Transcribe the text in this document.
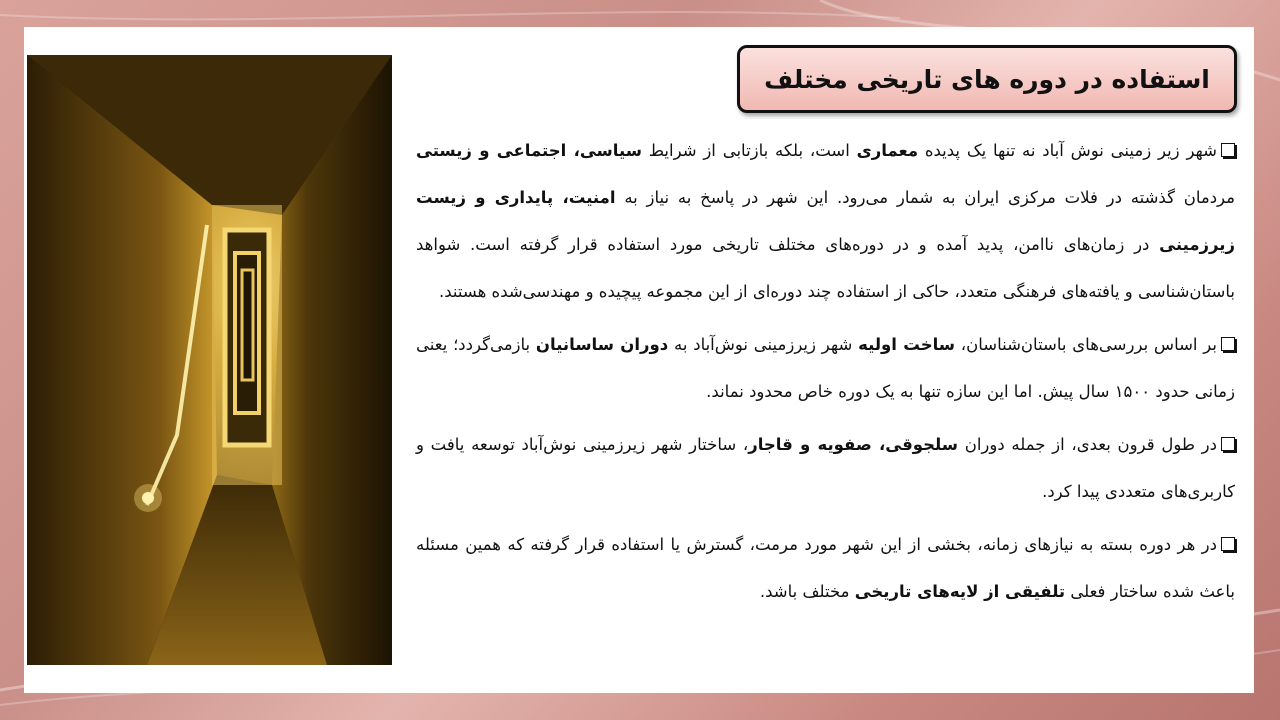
استفاده در دوره های تاریخی مختلف

شهر زیر زمینی نوش آباد نه تنها یک پدیده معماری است، بلکه بازتابی از شرایط سیاسی، اجتماعی و زیستی مردمان گذشته در فلات مرکزی ایران به شمار می‌رود. این شهر در پاسخ به نیاز به امنیت، پایداری و زیست زیرزمینی در زمان‌های ناامن، پدید آمده و در دوره‌های مختلف تاریخی مورد استفاده قرار گرفته است. شواهد باستان‌شناسی و یافته‌های فرهنگی متعدد، حاکی از استفاده چند دوره‌ای از این مجموعه پیچیده و مهندسی‌شده هستند.

بر اساس بررسی‌های باستان‌شناسان، ساخت اولیه شهر زیرزمینی نوش‌آباد به دوران ساسانیان بازمی‌گردد؛ یعنی زمانی حدود ۱۵۰۰ سال پیش. اما این سازه تنها به یک دوره خاص محدود نماند.

در طول قرون بعدی، از جمله دوران سلجوقی، صفویه و قاجار، ساختار شهر زیرزمینی نوش‌آباد توسعه یافت و کاربری‌های متعددی پیدا کرد.

در هر دوره بسته به نیازهای زمانه، بخشی از این شهر مورد مرمت، گسترش یا استفاده قرار گرفته که همین مسئله باعث شده ساختار فعلی تلفیقی از لایه‌های تاریخی مختلف باشد.
